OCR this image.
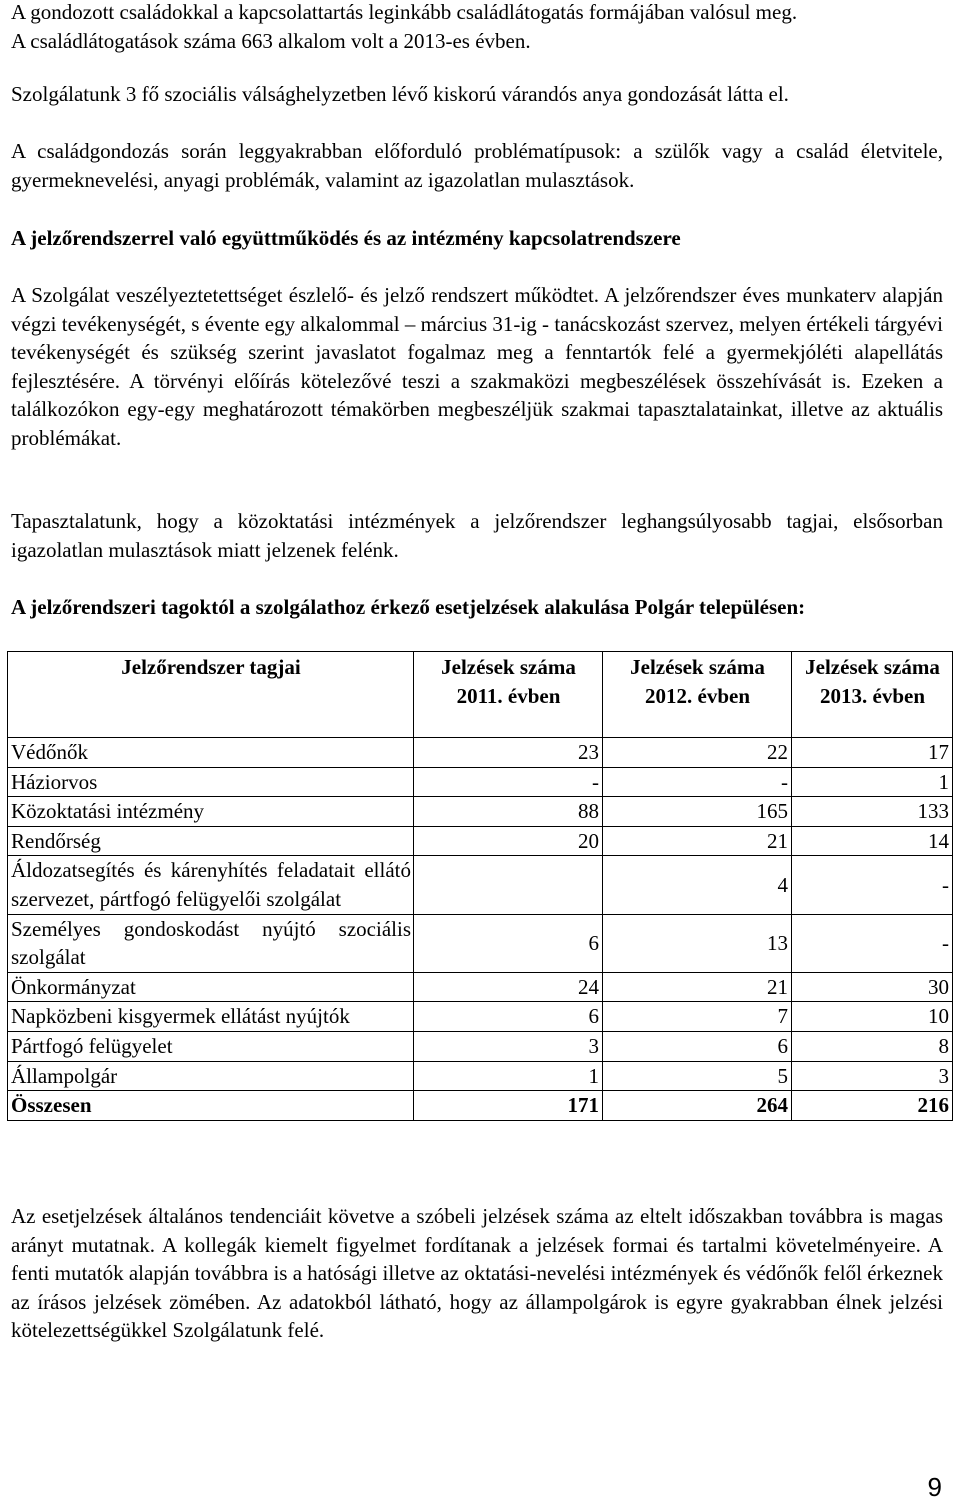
A gondozott családokkal a kapcsolattartás leginkább családlátogatás formájában valósul meg.

A családlátogatások száma 663 alkalom volt a 2013-es évben.

Szolgálatunk 3 fő szociális válsághelyzetben lévő kiskorú várandós anya gondozását látta el.

A családgondozás során leggyakrabban előforduló problématípusok: a szülők vagy a család életvitele, gyermeknevelési, anyagi problémák, valamint az igazolatlan mulasztások.

A jelzőrendszerrel való együttműködés és az intézmény kapcsolatrendszere

A Szolgálat veszélyeztetettséget észlelő- és jelző rendszert működtet. A jelzőrendszer éves munkaterv alapján végzi tevékenységét, s évente egy alkalommal – március 31-ig - tanácskozást szervez, melyen értékeli tárgyévi tevékenységét és szükség szerint javaslatot fogalmaz meg a fenntartók felé a gyermekjóléti alapellátás fejlesztésére. A törvényi előírás kötelezővé teszi a szakmaközi megbeszélések összehívását is. Ezeken a találkozókon egy-egy meghatározott témakörben megbeszéljük szakmai tapasztalatainkat, illetve az aktuális problémákat.

Tapasztalatunk, hogy a közoktatási intézmények a jelzőrendszer leghangsúlyosabb tagjai, elsősorban igazolatlan mulasztások miatt jelzenek felénk.

A jelzőrendszeri tagoktól a szolgálathoz érkező esetjelzések alakulása Polgár településen:

Jelzőrendszer tagjai	Jelzések száma 2011. évben	Jelzések száma 2012. évben	Jelzések száma 2013. évben
Védőnők	23	22	17
Háziorvos	-	-	1
Közoktatási intézmény	88	165	133
Rendőrség	20	21	14
Áldozatsegítés és kárenyhítés feladatait ellátó szervezet, pártfogó felügyelői szolgálat		4	-
Személyes gondoskodást nyújtó szociális szolgálat	6	13	-
Önkormányzat	24	21	30
Napközbeni kisgyermek ellátást nyújtók	6	7	10
Pártfogó felügyelet	3	6	8
Állampolgár	1	5	3
Összesen	171	264	216

Az esetjelzések általános tendenciáit követve a szóbeli jelzések száma az eltelt időszakban továbbra is magas arányt mutatnak. A kollegák kiemelt figyelmet fordítanak a jelzések formai és tartalmi követelményeire. A fenti mutatók alapján továbbra is a hatósági illetve az oktatási-nevelési intézmények és védőnők felől érkeznek az írásos jelzések zömében. Az adatokból látható, hogy az állampolgárok is egyre gyakrabban élnek jelzési kötelezettségükkel Szolgálatunk felé.

9
